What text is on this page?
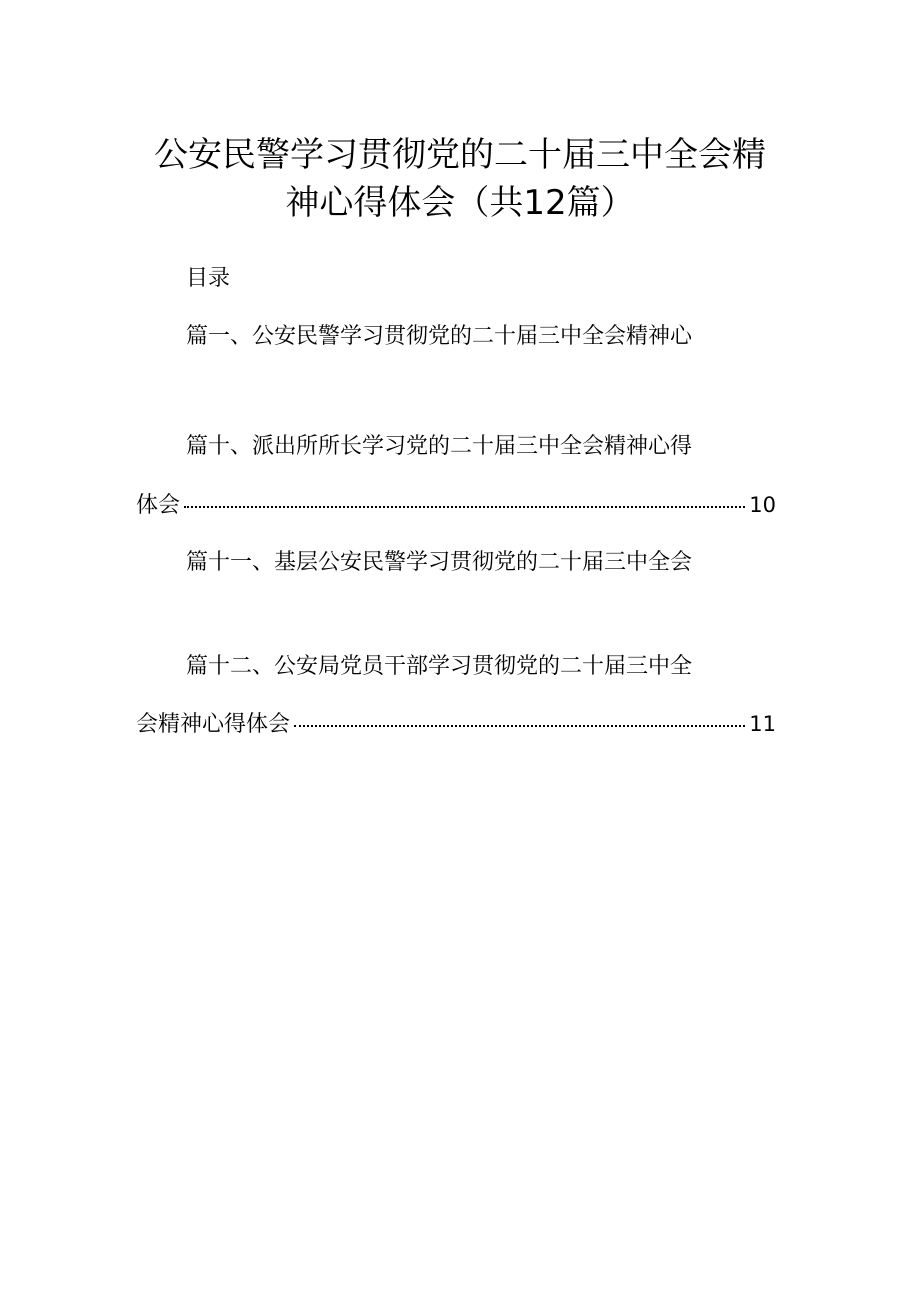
公安民警学习贯彻党的二十届三中全会精
神心得体会（共12篇）
目录
篇一、公安民警学习贯彻党的二十届三中全会精神心
篇十、派出所所长学习党的二十届三中全会精神心得
体会	10
篇十一、基层公安民警学习贯彻党的二十届三中全会
篇十二、公安局党员干部学习贯彻党的二十届三中全
会精神心得体会	11
